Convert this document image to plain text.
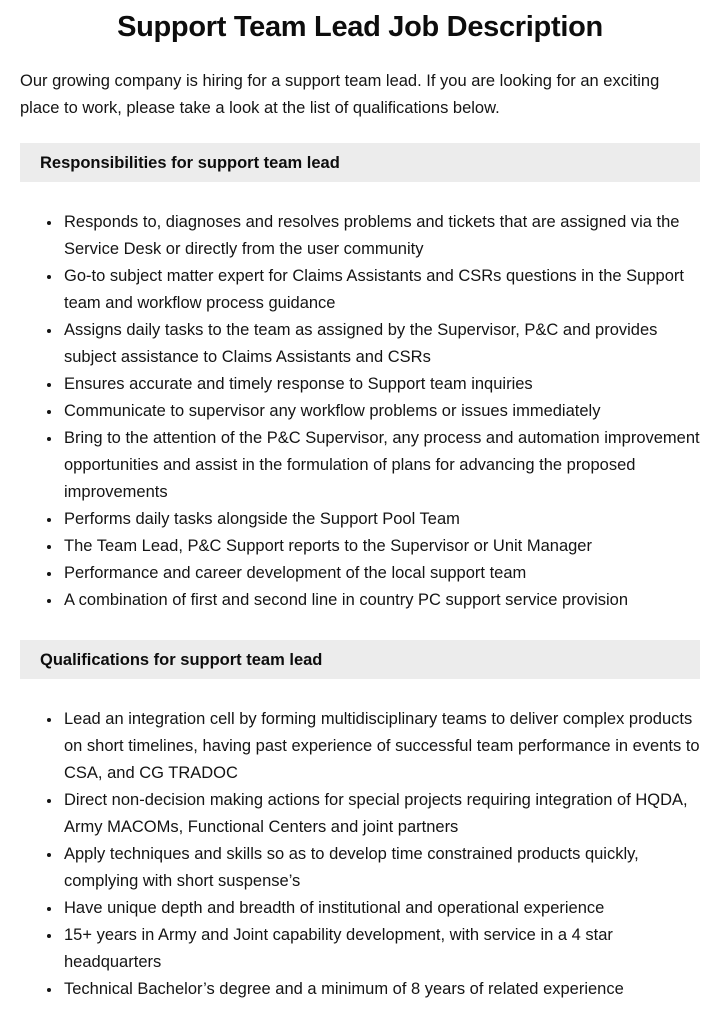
Support Team Lead Job Description

Our growing company is hiring for a support team lead. If you are looking for an exciting place to work, please take a look at the list of qualifications below.

Responsibilities for support team lead
• Responds to, diagnoses and resolves problems and tickets that are assigned via the Service Desk or directly from the user community
• Go-to subject matter expert for Claims Assistants and CSRs questions in the Support team and workflow process guidance
• Assigns daily tasks to the team as assigned by the Supervisor, P&C and provides subject assistance to Claims Assistants and CSRs
• Ensures accurate and timely response to Support team inquiries
• Communicate to supervisor any workflow problems or issues immediately
• Bring to the attention of the P&C Supervisor, any process and automation improvement opportunities and assist in the formulation of plans for advancing the proposed improvements
• Performs daily tasks alongside the Support Pool Team
• The Team Lead, P&C Support reports to the Supervisor or Unit Manager
• Performance and career development of the local support team
• A combination of first and second line in country PC support service provision
Qualifications for support team lead
• Lead an integration cell by forming multidisciplinary teams to deliver complex products on short timelines, having past experience of successful team performance in events to CSA, and CG TRADOC
• Direct non-decision making actions for special projects requiring integration of HQDA, Army MACOMs, Functional Centers and joint partners
• Apply techniques and skills so as to develop time constrained products quickly, complying with short suspense’s
• Have unique depth and breadth of institutional and operational experience
• 15+ years in Army and Joint capability development, with service in a 4 star headquarters
• Technical Bachelor’s degree and a minimum of 8 years of related experience
